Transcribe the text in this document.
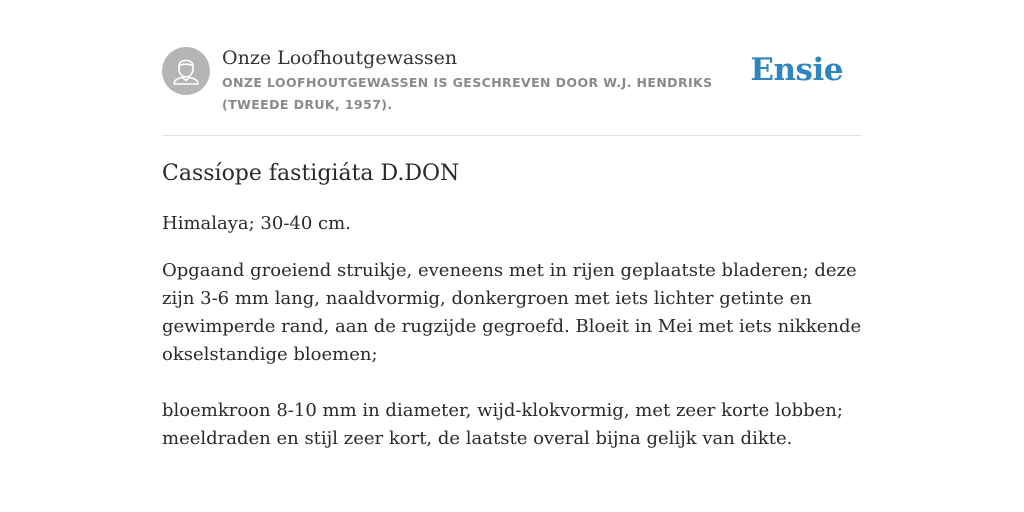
Onze Loofhoutgewassen
ONZE LOOFHOUTGEWASSEN IS GESCHREVEN DOOR W.J. HENDRIKS (TWEEDE DRUK, 1957).
Ensie
Cassíope fastigiáta D.DON

Himalaya; 30-40 cm.

Opgaand groeiend struikje, eveneens met in rijen geplaatste bladeren; deze zijn 3-6 mm lang, naaldvormig, donkergroen met iets lichter getinte en gewimperde rand, aan de rugzijde gegroefd. Bloeit in Mei met iets nikkende okselstandige bloemen;

bloemkroon 8-10 mm in diameter, wijd-klokvormig, met zeer korte lobben; meeldraden en stijl zeer kort, de laatste overal bijna gelijk van dikte.
